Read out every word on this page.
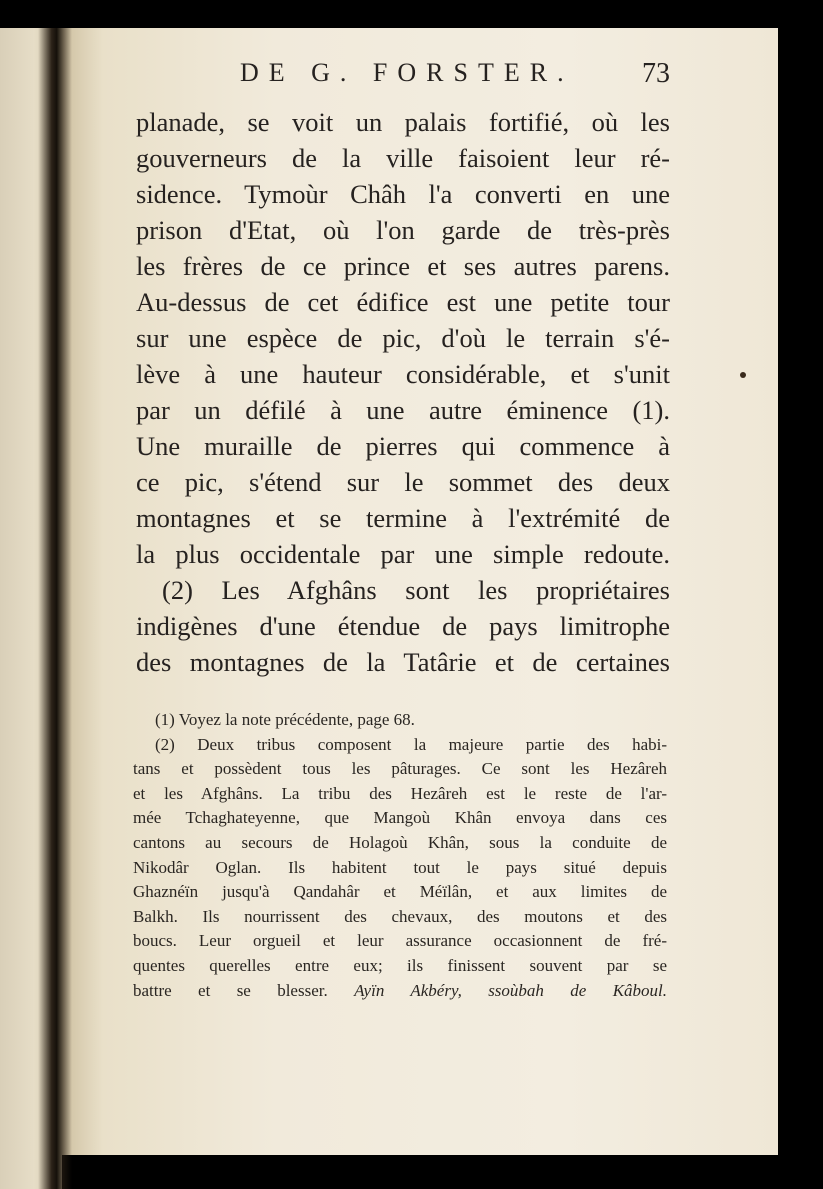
DE G. FORSTER. 73
planade, se voit un palais fortifié, où les
gouverneurs de la ville faisoient leur ré-
sidence. Tymoùr Châh l'a converti en une
prison d'Etat, où l'on garde de très-près
les frères de ce prince et ses autres parens.
Au-dessus de cet édifice est une petite tour
sur une espèce de pic, d'où le terrain s'é-
lève à une hauteur considérable, et s'unit
par un défilé à une autre éminence (1).
Une muraille de pierres qui commence à
ce pic, s'étend sur le sommet des deux
montagnes et se termine à l'extrémité de
la plus occidentale par une simple redoute.
(2) Les Afghâns sont les propriétaires
indigènes d'une étendue de pays limitrophe
des montagnes de la Tatârie et de certaines
(1) Voyez la note précédente, page 68.
(2) Deux tribus composent la majeure partie des habi-
tans et possèdent tous les pâturages. Ce sont les Hezâreh
et les Afghâns. La tribu des Hezâreh est le reste de l'ar-
mée Tchaghateyenne, que Mangoù Khân envoya dans ces
cantons au secours de Holagoù Khân, sous la conduite de
Nikodâr Oglan. Ils habitent tout le pays situé depuis
Ghaznéïn jusqu'à Qandahâr et Méïlân, et aux limites de
Balkh. Ils nourrissent des chevaux, des moutons et des
boucs. Leur orgueil et leur assurance occasionnent de fré-
quentes querelles entre eux; ils finissent souvent par se
battre et se blesser. Ayïn Akbéry, ssoùbah de Kâboul.
